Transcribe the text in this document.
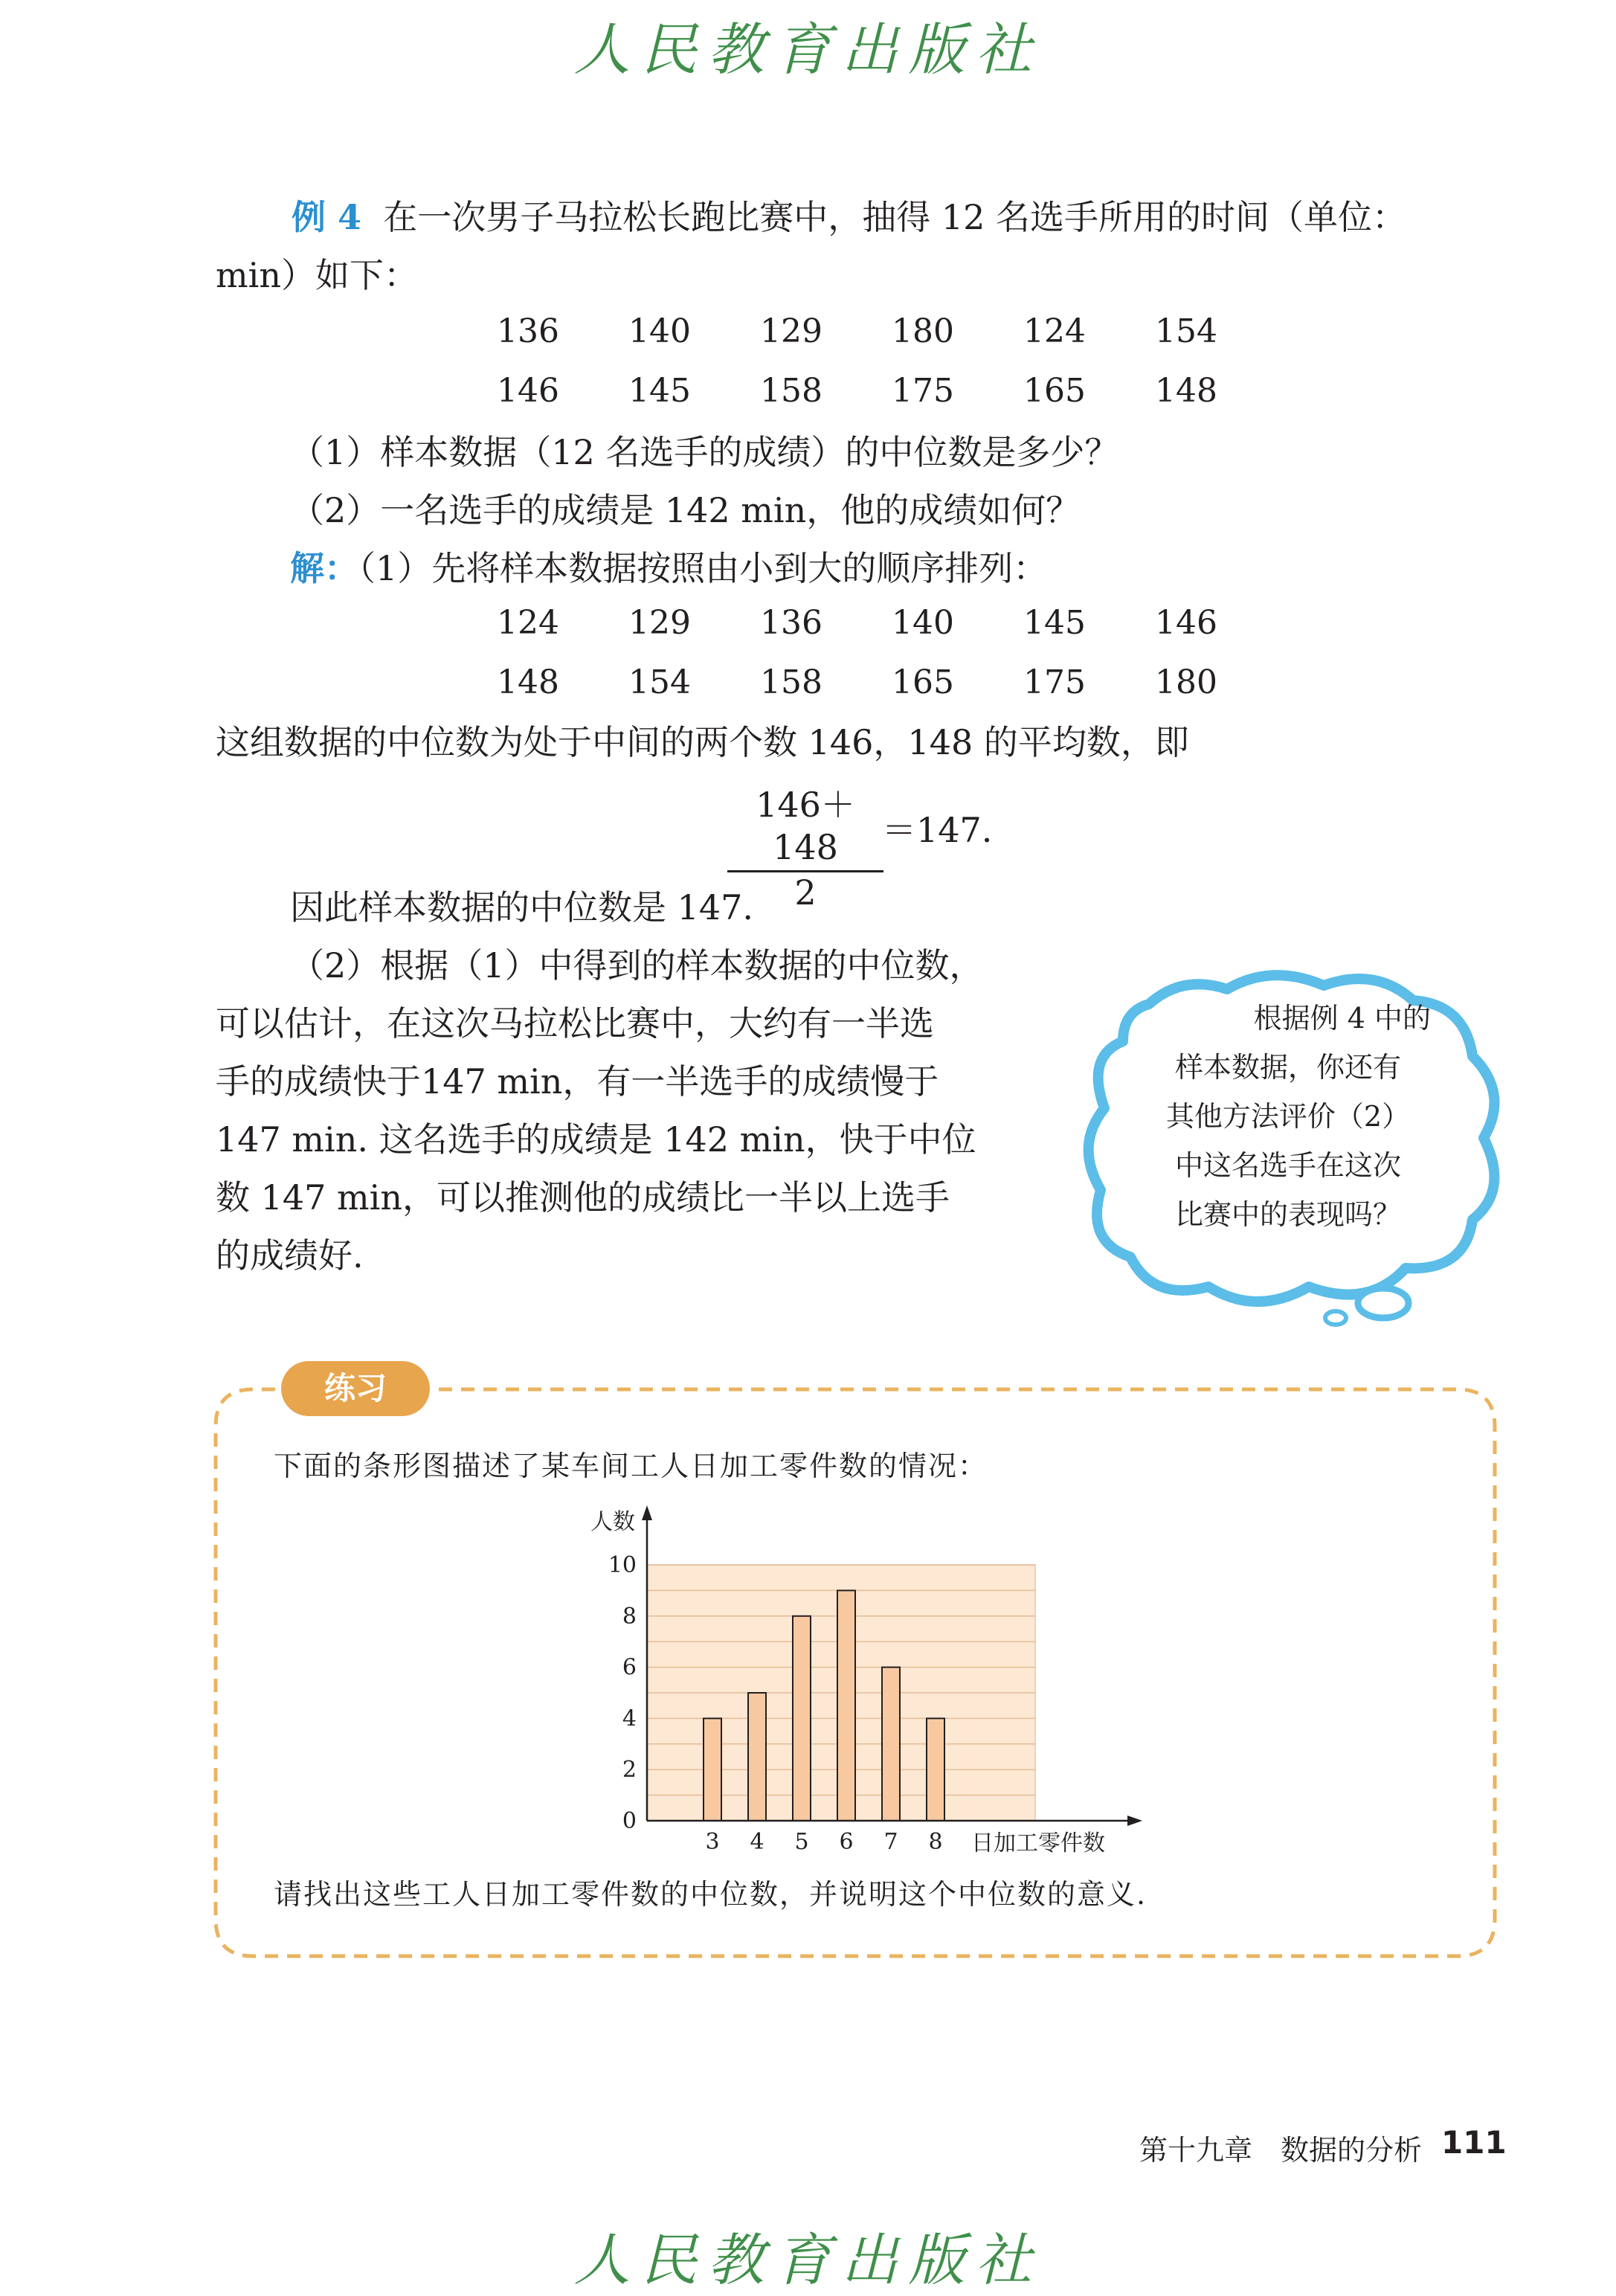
人民教育出版社
例 4 在一次男子马拉松长跑比赛中，抽得 12 名选手所用的时间（单位：
min）如下：
136	140	129	180	124	154
146	145	158	175	165	148
（1）样本数据（12 名选手的成绩）的中位数是多少？
（2）一名选手的成绩是 142 min，他的成绩如何？
解：（1）先将样本数据按照由小到大的顺序排列：
124	129	136	140	145	146
148	154	158	165	175	180
这组数据的中位数为处于中间的两个数 146，148 的平均数，即
146＋148
2
＝147.
因此样本数据的中位数是 147.
（2）根据（1）中得到的样本数据的中位数，
可以估计，在这次马拉松比赛中，大约有一半选
手的成绩快于147 min，有一半选手的成绩慢于
147 min. 这名选手的成绩是 142 min，快于中位
数 147 min，可以推测他的成绩比一半以上选手
的成绩好.
根据例 4 中的
样本数据，你还有
其他方法评价（2）
中这名选手在这次
比赛中的表现吗？
练习
下面的条形图描述了某车间工人日加工零件数的情况：
0
2
4
6
8
10
3 4 5 6 7 8
人数
日加工零件数
请找出这些工人日加工零件数的中位数，并说明这个中位数的意义.
第十九章　数据的分析 111
人民教育出版社
